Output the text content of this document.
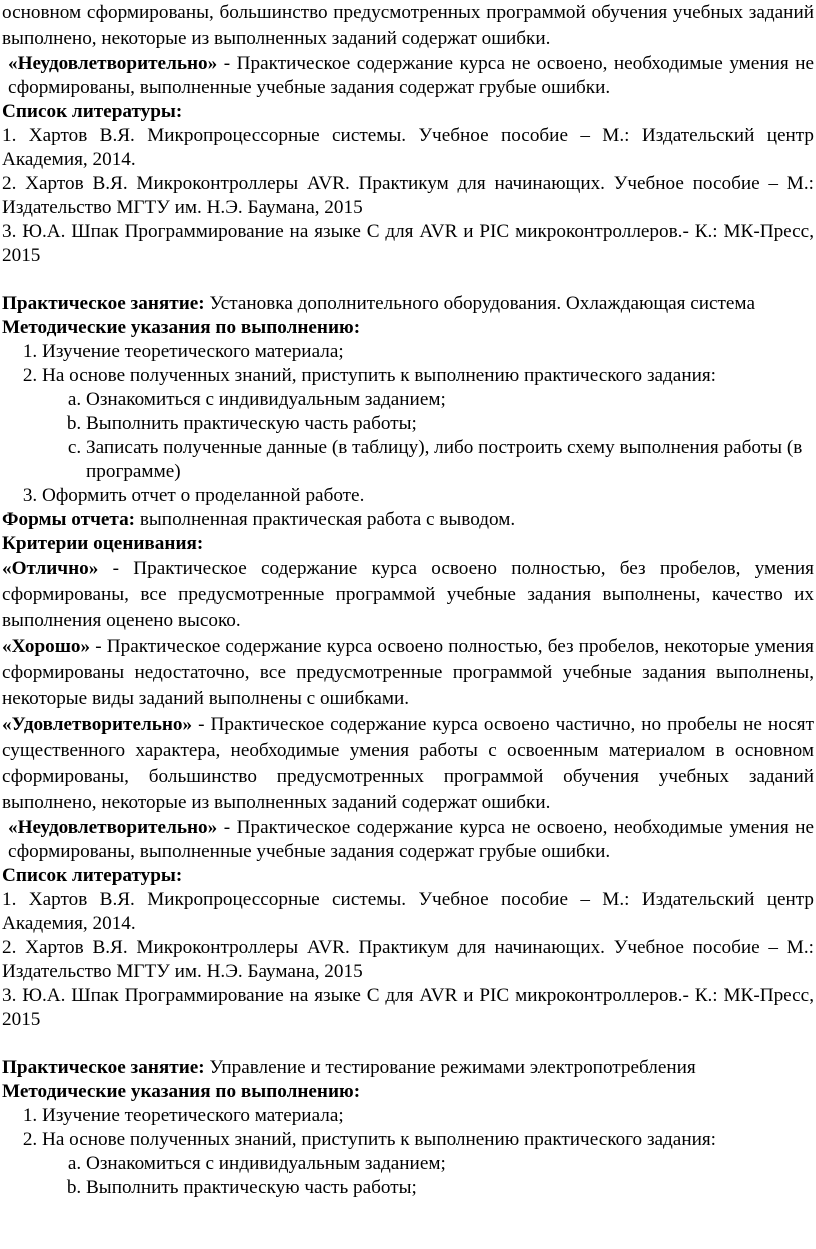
основном сформированы, большинство предусмотренных программой обучения учебных заданий выполнено, некоторые из выполненных заданий содержат ошибки.

«Неудовлетворительно» - Практическое содержание курса не освоено, необходимые умения не сформированы, выполненные учебные задания содержат грубые ошибки.

Список литературы:

1. Хартов В.Я. Микропроцессорные системы. Учебное пособие – М.: Издательский центр Академия, 2014.

2. Хартов В.Я. Микроконтроллеры AVR. Практикум для начинающих. Учебное пособие – М.: Издательство МГТУ им. Н.Э. Баумана, 2015

3. Ю.А. Шпак Программирование на языке С для AVR и PIC микроконтроллеров.- К.: МК-Пресс, 2015

Практическое занятие: Установка дополнительного оборудования. Охлаждающая система

Методические указания по выполнению:

1. Изучение теоретического материала;
2. На основе полученных знаний, приступить к выполнению практического задания:
a. Ознакомиться с индивидуальным заданием;
b. Выполнить практическую часть работы;
c. Записать полученные данные (в таблицу), либо построить схему выполнения работы (в программе)
3. Оформить отчет о проделанной работе.

Формы отчета: выполненная практическая работа с выводом.

Критерии оценивания:

«Отлично» - Практическое содержание курса освоено полностью, без пробелов, умения сформированы, все предусмотренные программой учебные задания выполнены, качество их выполнения оценено высоко.

«Хорошо» - Практическое содержание курса освоено полностью, без пробелов, некоторые умения сформированы недостаточно, все предусмотренные программой учебные задания выполнены, некоторые виды заданий выполнены с ошибками.

«Удовлетворительно» - Практическое содержание курса освоено частично, но пробелы не носят существенного характера, необходимые умения работы с освоенным материалом в основном сформированы, большинство предусмотренных программой обучения учебных заданий выполнено, некоторые из выполненных заданий содержат ошибки.

«Неудовлетворительно» - Практическое содержание курса не освоено, необходимые умения не сформированы, выполненные учебные задания содержат грубые ошибки.

Список литературы:

1. Хартов В.Я. Микропроцессорные системы. Учебное пособие – М.: Издательский центр Академия, 2014.

2. Хартов В.Я. Микроконтроллеры AVR. Практикум для начинающих. Учебное пособие – М.: Издательство МГТУ им. Н.Э. Баумана, 2015

3. Ю.А. Шпак Программирование на языке С для AVR и PIC микроконтроллеров.- К.: МК-Пресс, 2015

Практическое занятие: Управление и тестирование режимами электропотребления

Методические указания по выполнению:

1. Изучение теоретического материала;
2. На основе полученных знаний, приступить к выполнению практического задания:
a. Ознакомиться с индивидуальным заданием;
b. Выполнить практическую часть работы;
